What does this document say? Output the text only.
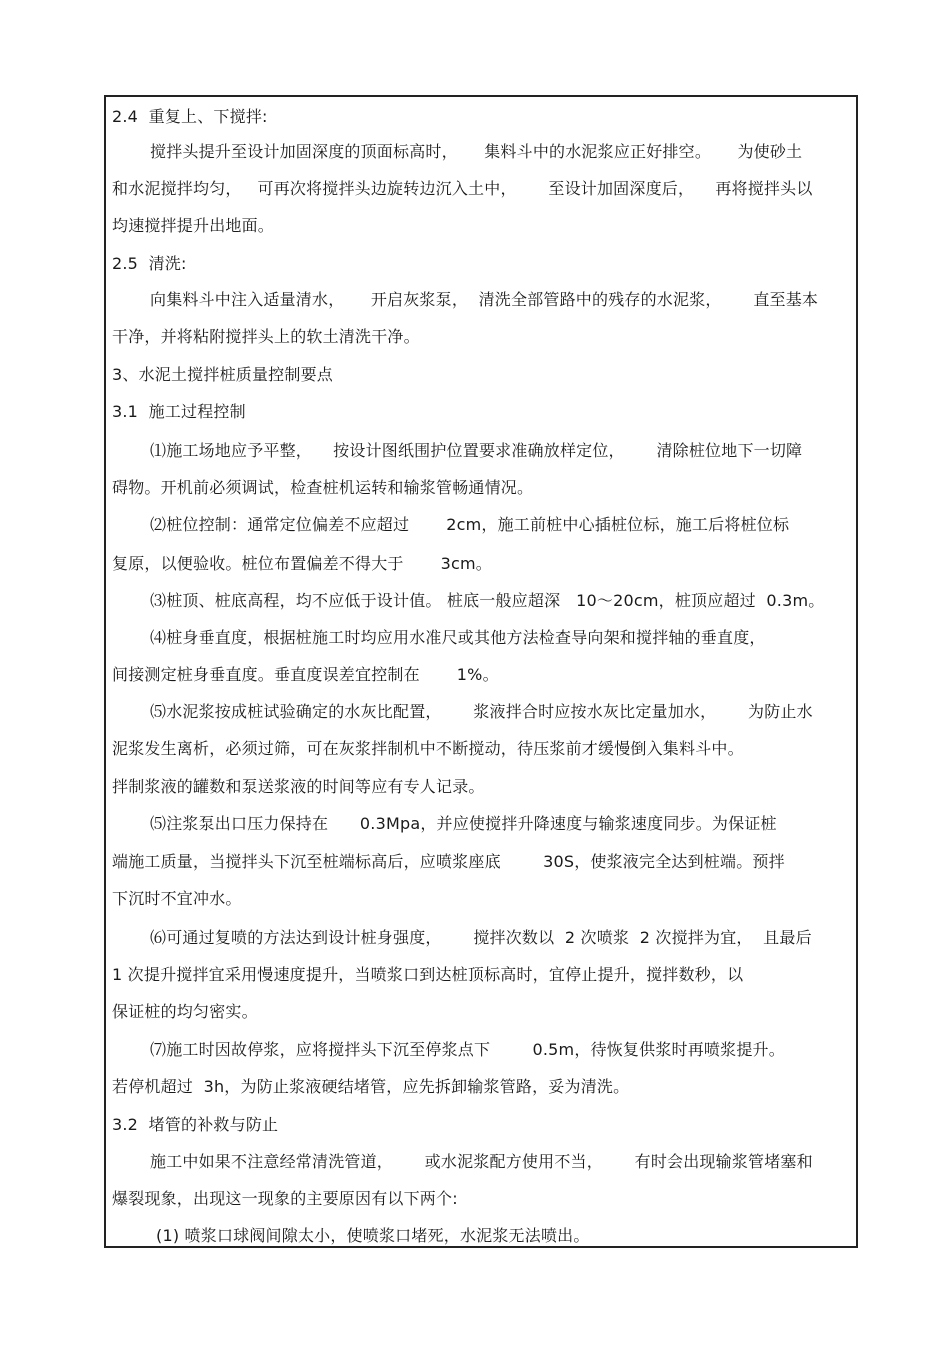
2.4  重复上、下搅拌:
搅拌头提升至设计加固深度的顶面标高时，     集料斗中的水泥浆应正好排空。     为使砂土
和水泥搅拌均匀，   可再次将搅拌头边旋转边沉入土中，      至设计加固深度后，    再将搅拌头以
均速搅拌提升出地面。
2.5  清洗:
向集料斗中注入适量清水，     开启灰浆泵，  清洗全部管路中的残存的水泥浆，      直至基本
干净，并将粘附搅拌头上的软土清洗干净。
3、水泥土搅拌桩质量控制要点
3.1  施工过程控制
⑴施工场地应予平整，    按设计图纸围护位置要求准确放样定位，      清除桩位地下一切障
碍物。开机前必须调试，检查桩机运转和输浆管畅通情况。
⑵桩位控制：通常定位偏差不应超过       2cm，施工前桩中心插桩位标，施工后将桩位标
复原，以便验收。桩位布置偏差不得大于       3cm。
⑶桩顶、桩底高程，均不应低于设计值。 桩底一般应超深   10～20cm，桩顶应超过  0.3m。
⑷桩身垂直度，根据桩施工时均应用水准尺或其他方法检查导向架和搅拌轴的垂直度，
间接测定桩身垂直度。垂直度误差宜控制在       1%。
⑸水泥浆按成桩试验确定的水灰比配置，      浆液拌合时应按水灰比定量加水，      为防止水
泥浆发生离析，必须过筛，可在灰浆拌制机中不断搅动，待压浆前才缓慢倒入集料斗中。
拌制浆液的罐数和泵送浆液的时间等应有专人记录。
⑸注浆泵出口压力保持在      0.3Mpa，并应使搅拌升降速度与输浆速度同步。为保证桩
端施工质量，当搅拌头下沉至桩端标高后，应喷浆座底        30S，使浆液完全达到桩端。预拌
下沉时不宜冲水。
⑹可通过复喷的方法达到设计桩身强度，      搅拌次数以  2 次喷浆  2 次搅拌为宜，  且最后
1 次提升搅拌宜采用慢速度提升，当喷浆口到达桩顶标高时，宜停止提升，搅拌数秒，以
保证桩的均匀密实。
⑺施工时因故停浆，应将搅拌头下沉至停浆点下        0.5m，待恢复供浆时再喷浆提升。
若停机超过  3h，为防止浆液硬结堵管，应先拆卸输浆管路，妥为清洗。
3.2  堵管的补救与防止
施工中如果不注意经常清洗管道，      或水泥浆配方使用不当，      有时会出现输浆管堵塞和
爆裂现象，出现这一现象的主要原因有以下两个:
(1) 喷浆口球阀间隙太小，使喷浆口堵死，水泥浆无法喷出。
